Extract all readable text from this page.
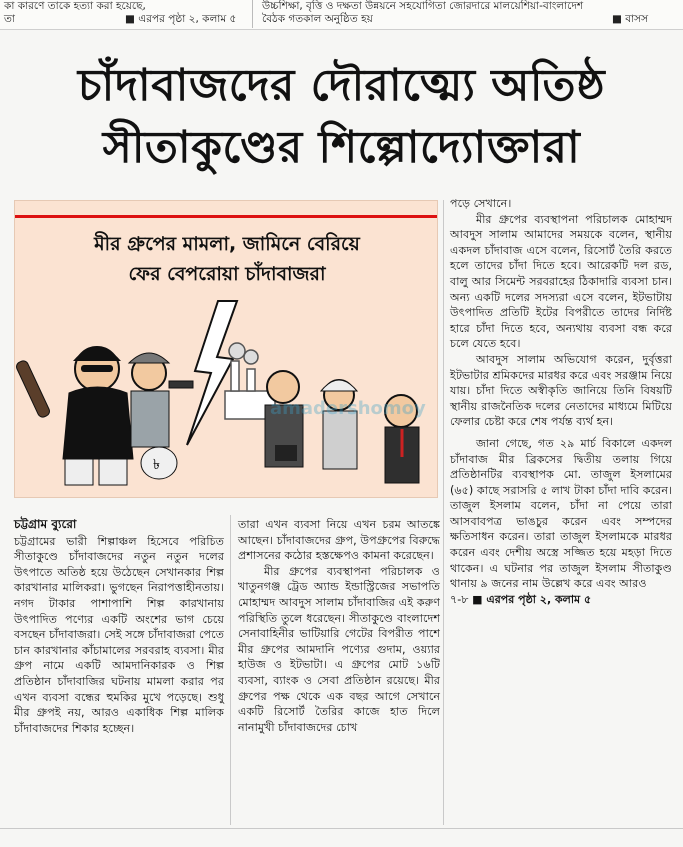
কা কারণে তাকে হত্যা করা হয়েছে,
তা	■ এরপর পৃষ্ঠা ২, কলাম ৫
উচ্চশিক্ষা, বৃত্তি ও দক্ষতা উন্নয়নে সহযোগিতা জোরদারে মালয়েশিয়া-বাংলাদেশ
বৈঠক গতকাল অনুষ্ঠিত হয়	■ বাসস
চাঁদাবাজদের দৌরাত্ম্যে অতিষ্ঠ
সীতাকুণ্ডের শিল্পোদ্যোক্তারা
মীর গ্রুপের মামলা, জামিনে বেরিয়ে
ফের বেপরোয়া চাঁদাবাজরা
৳
amadershomoy
চট্টগ্রাম ব্যুরো

চট্টগ্রামের ভারী শিল্পাঞ্চল হিসেবে পরিচিত সীতাকুণ্ডে চাঁদাবাজদের নতুন নতুন দলের উৎপাতে অতিষ্ঠ হয়ে উঠেছেন সেখানকার শিল্প কারখানার মালিকরা। ভুগছেন নিরাপত্তাহীনতায়। নগদ টাকার পাশাপাশি শিল্প কারখানায় উৎপাদিত পণ্যের একটি অংশের ভাগ চেয়ে বসছেন চাঁদাবাজরা। সেই সঙ্গে চাঁদাবাজরা পেতে চান কারখানার কাঁচামালের সরবরাহ ব্যবসা। মীর গ্রুপ নামে একটি আমদানিকারক ও শিল্প প্রতিষ্ঠান চাঁদাবাজির ঘটনায় মামলা করার পর এখন ব্যবসা বন্ধের হুমকির মুখে পড়েছে। শুধু মীর গ্রুপই নয়, আরও একাধিক শিল্প মালিক চাঁদাবাজদের শিকার হচ্ছেন।

তারা এখন ব্যবসা নিয়ে এখন চরম আতঙ্কে আছেন। চাঁদাবাজদের গ্রুপ, উপগ্রুপের বিরুদ্ধে প্রশাসনের কঠোর হস্তক্ষেপও কামনা করেছেন।

মীর গ্রুপের ব্যবস্থাপনা পরিচালক ও খাতুনগঞ্জ ট্রেড অ্যান্ড ইন্ডাস্ট্রিজের সভাপতি মোহাম্মদ আবদুস সালাম চাঁদাবাজির এই করুণ পরিস্থিতি তুলে ধরেছেন। সীতাকুণ্ডে বাংলাদেশ সেনাবাহিনীর ভাটিয়ারি গেটের বিপরীত পাশে মীর গ্রুপের আমদানি পণ্যের গুদাম, ওয়্যার হাউজ ও ইটভাটা। এ গ্রুপের মোট ১৬টি ব্যবসা, ব্যাংক ও সেবা প্রতিষ্ঠান রয়েছে। মীর গ্রুপের পক্ষ থেকে এক বছর আগে সেখানে একটি রিসোর্ট তৈরির কাজে হাত দিলে নানামুখী চাঁদাবাজদের চোখ

পড়ে সেখানে।

মীর গ্রুপের ব্যবস্থাপনা পরিচালক মোহাম্মদ আবদুস সালাম আমাদের সময়কে বলেন, স্থানীয় একদল চাঁদাবাজ এসে বলেন, রিসোর্ট তৈরি করতে হলে তাদের চাঁদা দিতে হবে। আরেকটি দল রড, বালু আর সিমেন্ট সরবরাহের ঠিকাদারি ব্যবসা চান। অন্য একটি দলের সদস্যরা এসে বলেন, ইটভাটায় উৎপাদিত প্রতিটি ইটের বিপরীতে তাদের নির্দিষ্ট হারে চাঁদা দিতে হবে, অন্যথায় ব্যবসা বন্ধ করে চলে যেতে হবে।

আবদুস সালাম অভিযোগ করেন, দুর্বৃত্তরা ইটভাটার শ্রমিকদের মারধর করে এবং সরঞ্জাম নিয়ে যায়। চাঁদা দিতে অস্বীকৃতি জানিয়ে তিনি বিষয়টি স্থানীয় রাজনৈতিক দলের নেতাদের মাধ্যমে মিটিয়ে ফেলার চেষ্টা করে শেষ পর্যন্ত ব্যর্থ হন।

জানা গেছে, গত ২৯ মার্চ বিকালে একদল চাঁদাবাজ মীর ব্রিকসের দ্বিতীয় তলায় গিয়ে প্রতিষ্ঠানটির ব্যবস্থাপক মো. তাজুল ইসলামের (৬৫) কাছে সরাসরি ৫ লাখ টাকা চাঁদা দাবি করেন। তাজুল ইসলাম বলেন, চাঁদা না পেয়ে তারা আসবাবপত্র ভাঙচুর করেন এবং সম্পদের ক্ষতিসাধন করেন। তারা তাজুল ইসলামকে মারধর করেন এবং দেশীয় অস্ত্রে সজ্জিত হয়ে মহড়া দিতে থাকেন। এ ঘটনার পর তাজুল ইসলাম সীতাকুণ্ড থানায় ৯ জনের নাম উল্লেখ করে এবং আরও

৭-৮ ■ এরপর পৃষ্ঠা ২, কলাম ৫
